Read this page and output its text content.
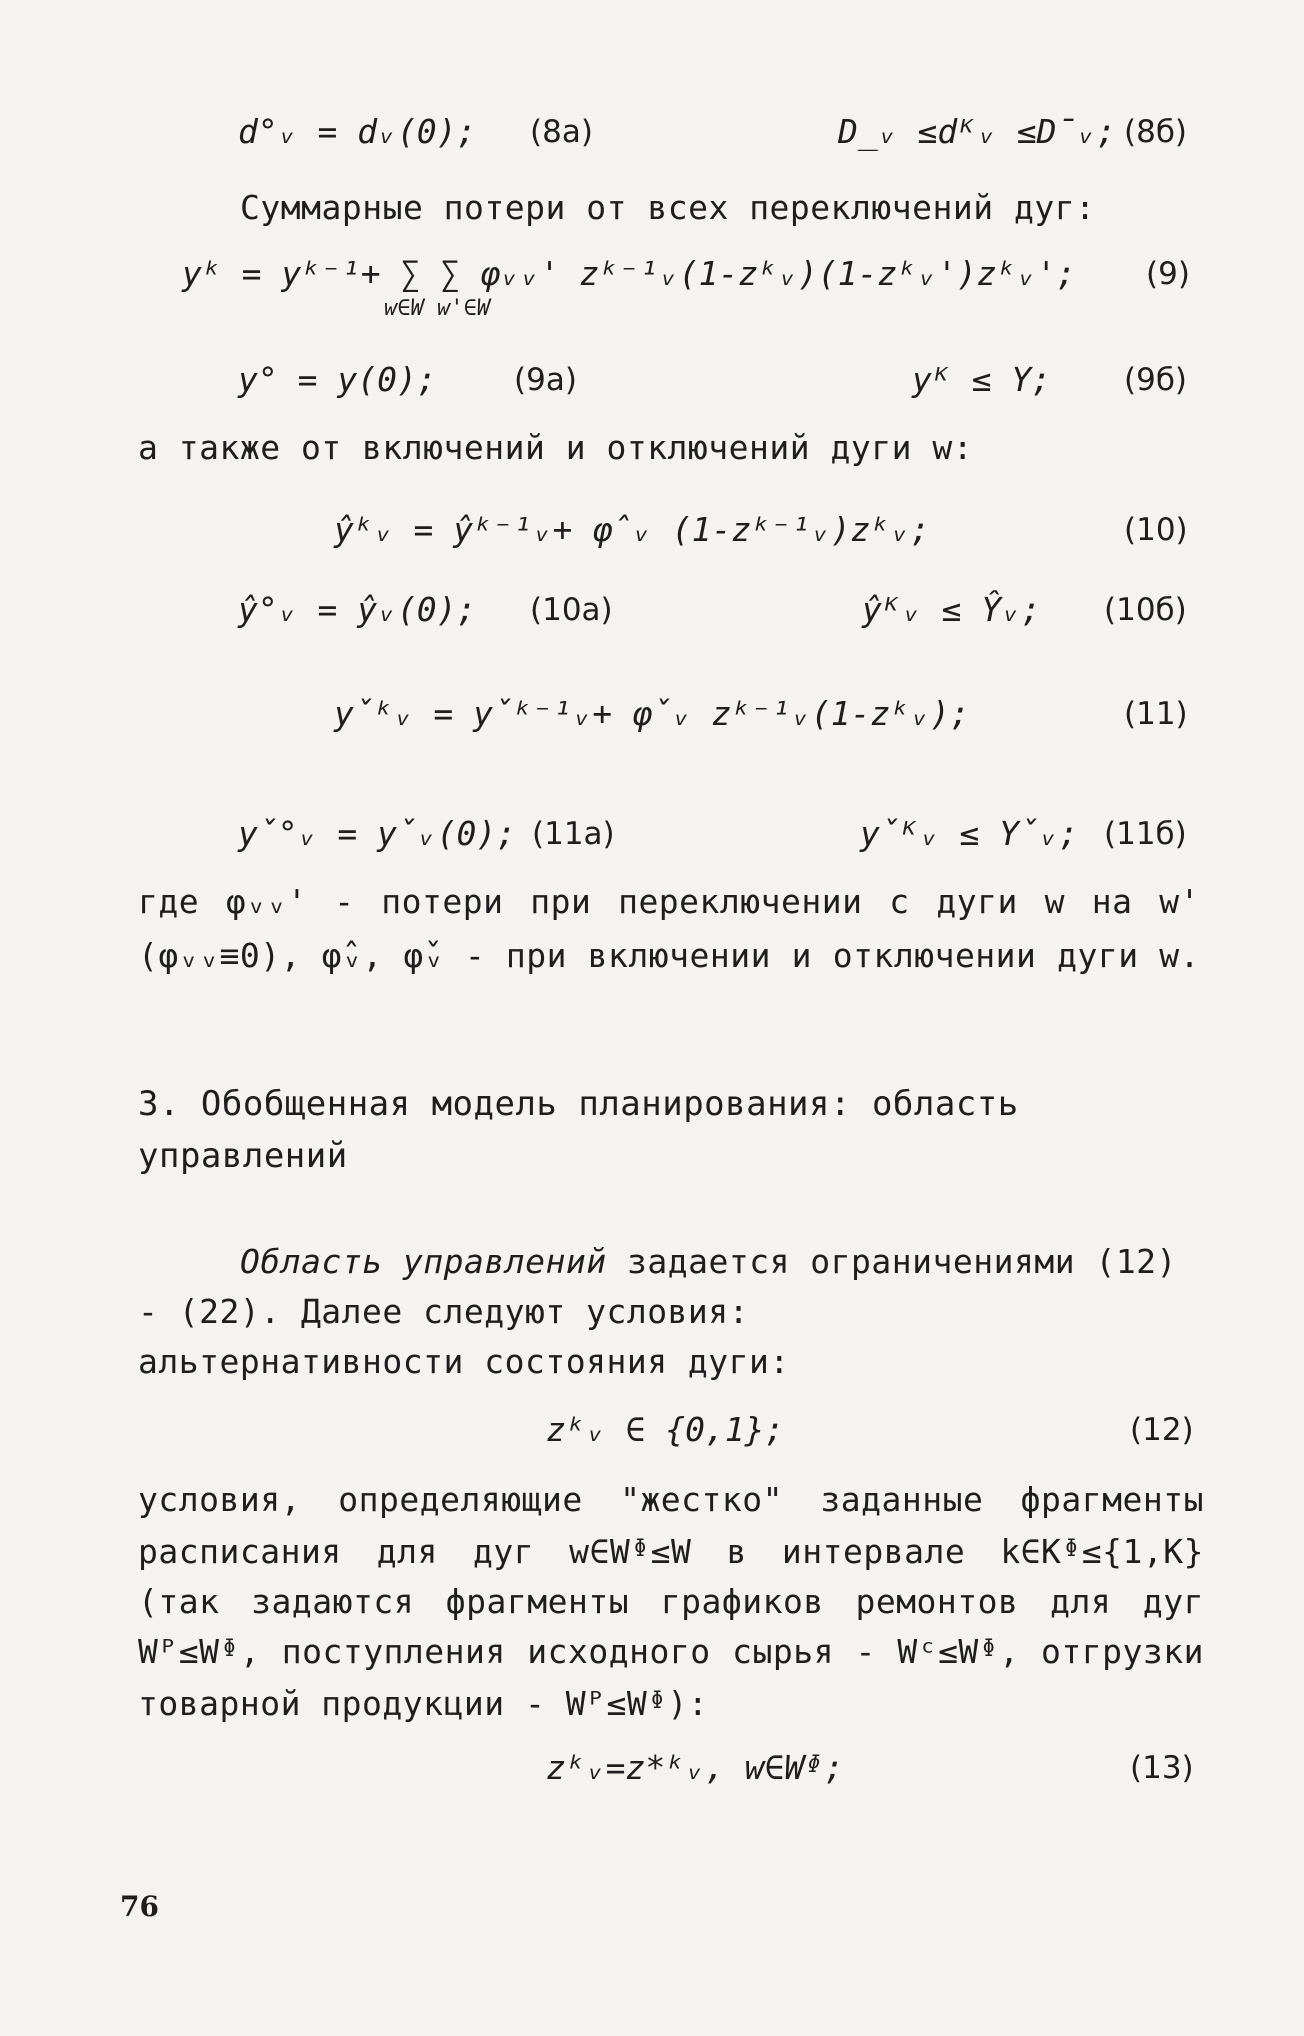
d°ᵥ = dᵥ(0); (8а)	D̲ᵥ ≤dᴷᵥ ≤D̄ᵥ; (8б)
Суммарные потери от всех переключений дуг:
yᵏ = yᵏ⁻¹+ ∑ ∑ φᵥᵥ' zᵏ⁻¹ᵥ(1-zᵏᵥ)(1-zᵏᵥ')zᵏᵥ';
w∈W w'∈W
(9)
y° = y(0); (9а)	yᴷ ≤ Y; (9б)
а также от включений и отключений дуги w:
ŷᵏᵥ = ŷᵏ⁻¹ᵥ+ φ̂ᵥ (1-zᵏ⁻¹ᵥ)zᵏᵥ;	(10)
ŷ°ᵥ = ŷᵥ(0); (10а)	ŷᴷᵥ ≤ Ŷᵥ; (10б)
y̌ᵏᵥ = y̌ᵏ⁻¹ᵥ+ φ̌ᵥ zᵏ⁻¹ᵥ(1-zᵏᵥ);	(11)
y̌°ᵥ = y̌ᵥ(0); (11а)	y̌ᴷᵥ ≤ Y̌ᵥ; (11б)
где φᵥᵥ' - потери при переключении с дуги w на w'
(φᵥᵥ≡0), φ̂ᵥ, φ̌ᵥ - при включении и отключении дуги w.
3. Обобщенная модель планирования: область
управлений
Область управлений задается ограничениями (12)
- (22). Далее следуют условия:
альтернативности состояния дуги:
zᵏᵥ ∈ {0,1};	(12)
условия, определяющие "жестко" заданные фрагменты
расписания для дуг w∈Wᶲ≤W в интервале k∈Kᶲ≤{1,K}
(так задаются фрагменты графиков ремонтов для дуг
Wᴾ≤Wᶲ, поступления исходного сырья - Wᶜ≤Wᶲ, отгрузки
товарной продукции - Wᴾ≤Wᶲ):
zᵏᵥ=z*ᵏᵥ, w∈Wᶲ;	(13)
76
